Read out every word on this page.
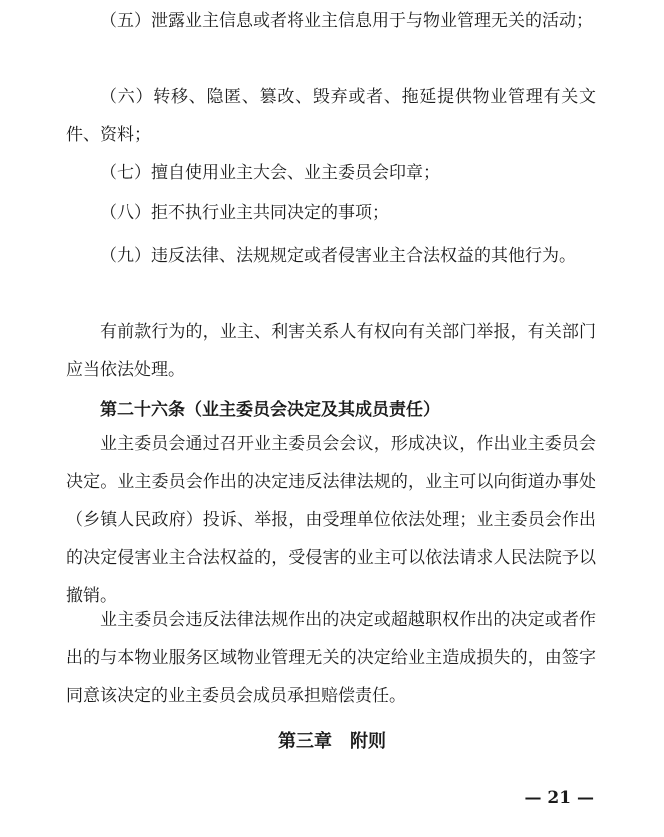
（五）泄露业主信息或者将业主信息用于与物业管理无关的活动；

（六）转移、隐匿、篡改、毁弃或者、拖延提供物业管理有关文件、资料；

（七）擅自使用业主大会、业主委员会印章；

（八）拒不执行业主共同决定的事项；

（九）违反法律、法规规定或者侵害业主合法权益的其他行为。

有前款行为的，业主、利害关系人有权向有关部门举报，有关部门应当依法处理。

第二十六条（业主委员会决定及其成员责任）

业主委员会通过召开业主委员会会议，形成决议，作出业主委员会决定。业主委员会作出的决定违反法律法规的，业主可以向街道办事处（乡镇人民政府）投诉、举报，由受理单位依法处理；业主委员会作出的决定侵害业主合法权益的，受侵害的业主可以依法请求人民法院予以撤销。

业主委员会违反法律法规作出的决定或超越职权作出的决定或者作出的与本物业服务区域物业管理无关的决定给业主造成损失的，由签字同意该决定的业主委员会成员承担赔偿责任。

第三章　附则
— 21 —
